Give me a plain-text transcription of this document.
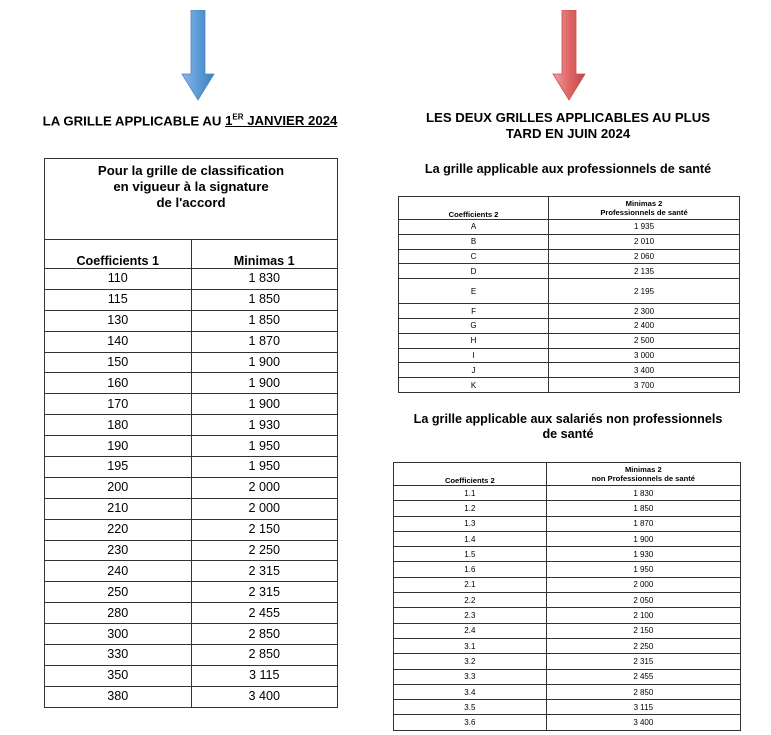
LA GRILLE APPLICABLE AU 1ER JANVIER 2024	LES DEUX GRILLES APPLICABLES AU PLUS
TARD EN JUIN 2024
Pour la grille de classification
en vigueur à la signature
de l'accord	

Coefficients 1	Minimas 1
110	1 830
115	1 850
130	1 850
140	1 870
150	1 900
160	1 900
170	1 900
180	1 930
190	1 950
195	1 950
200	2 000
210	2 000
220	2 150
230	2 250
240	2 315
250	2 315
280	2 455
300	2 850
330	2 850
350	3 115
380	3 400
La grille applicable aux professionnels de santé
Coefficients 2	Minimas 2
Professionnels de santé

A	1 935
B	2 010
C	2 060
D	2 135
E	2 195
F	2 300
G	2 400
H	2 500
I	3 000
J	3 400
K	3 700
La grille applicable aux salariés non professionnels
de santé
Coefficients 2	Minimas 2
non Professionnels de santé

1.1	1 830
1.2	1 850
1.3	1 870
1.4	1 900
1.5	1 930
1.6	1 950
2.1	2 000
2.2	2 050
2.3	2 100
2.4	2 150
3.1	2 250
3.2	2 315
3.3	2 455
3.4	2 850
3.5	3 115
3.6	3 400
